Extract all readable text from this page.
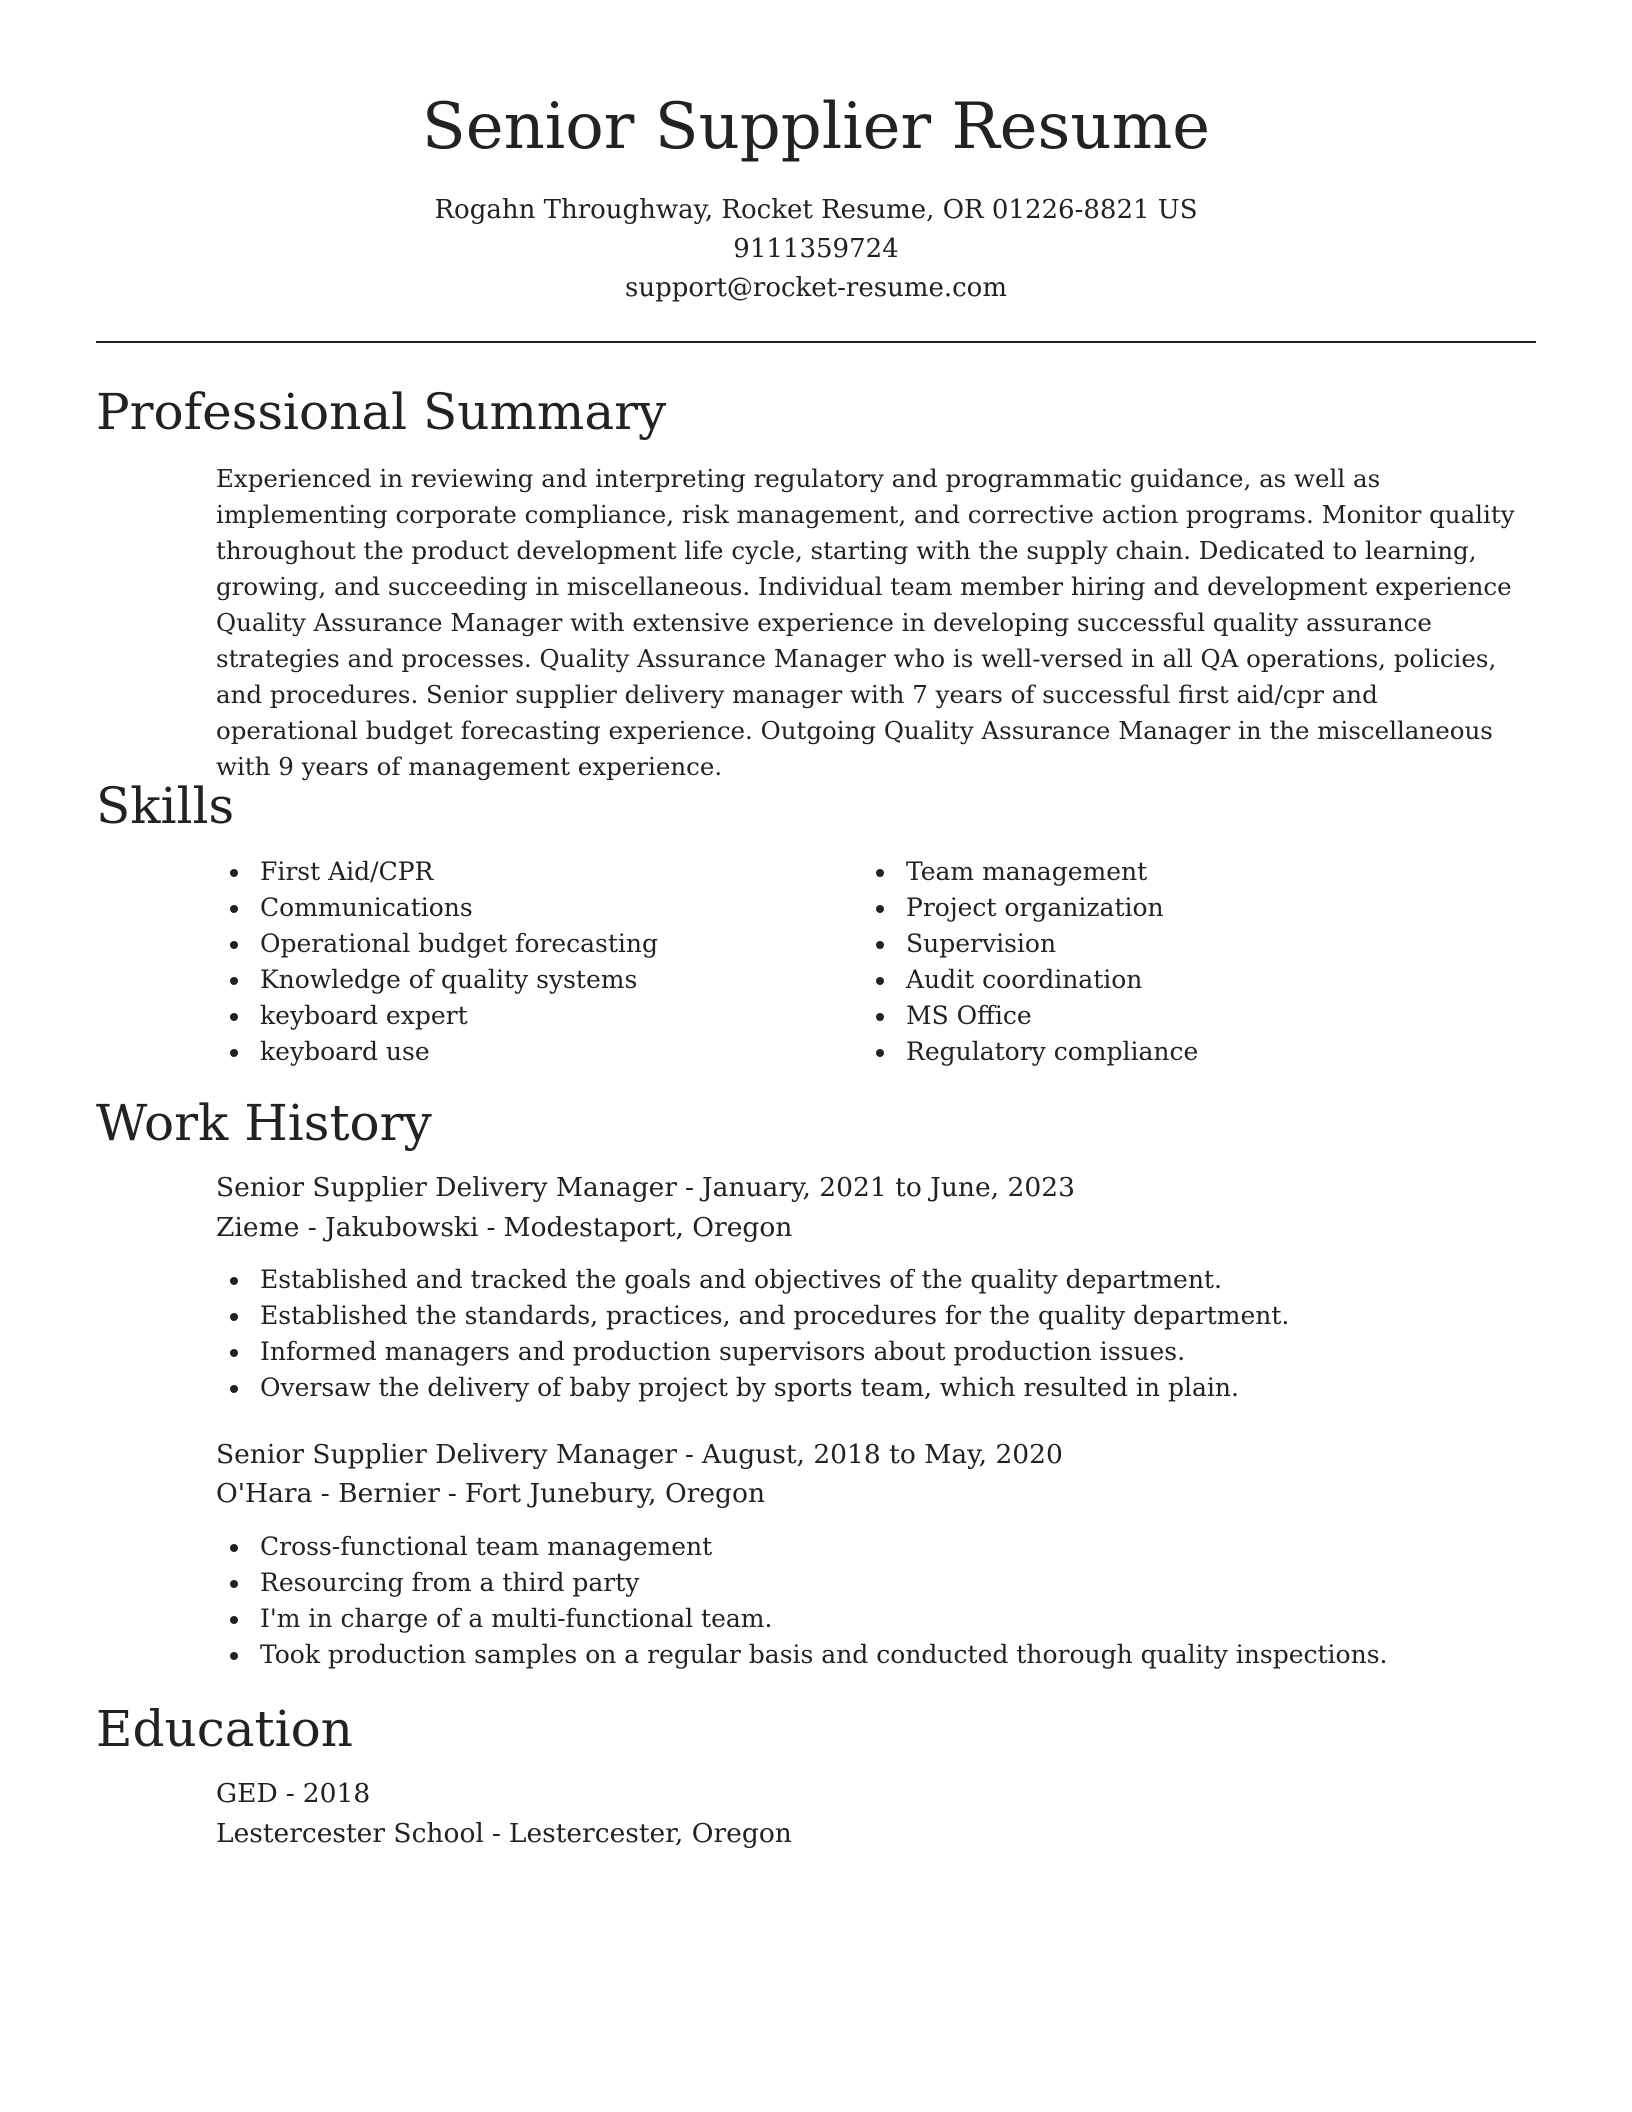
Senior Supplier Resume
Rogahn Throughway, Rocket Resume, OR 01226-8821 US
9111359724
support@rocket-resume.com
Professional Summary

Experienced in reviewing and interpreting regulatory and programmatic guidance, as well as implementing corporate compliance, risk management, and corrective action programs. Monitor quality throughout the product development life cycle, starting with the supply chain. Dedicated to learning, growing, and succeeding in miscellaneous. Individual team member hiring and development experience Quality Assurance Manager with extensive experience in developing successful quality assurance strategies and processes. Quality Assurance Manager who is well-versed in all QA operations, policies, and procedures. Senior supplier delivery manager with 7 years of successful first aid/cpr and operational budget forecasting experience. Outgoing Quality Assurance Manager in the miscellaneous with 9 years of management experience.

Skills
First Aid/CPR
Communications
Operational budget forecasting
Knowledge of quality systems
keyboard expert
keyboard use
Team management
Project organization
Supervision
Audit coordination
MS Office
Regulatory compliance
Work History
Senior Supplier Delivery Manager - January, 2021 to June, 2023
Zieme - Jakubowski - Modestaport, Oregon
Established and tracked the goals and objectives of the quality department.
Established the standards, practices, and procedures for the quality department.
Informed managers and production supervisors about production issues.
Oversaw the delivery of baby project by sports team, which resulted in plain.
Senior Supplier Delivery Manager - August, 2018 to May, 2020
O'Hara - Bernier - Fort Junebury, Oregon
Cross-functional team management
Resourcing from a third party
I'm in charge of a multi-functional team.
Took production samples on a regular basis and conducted thorough quality inspections.
Education
GED - 2018
Lestercester School - Lestercester, Oregon
